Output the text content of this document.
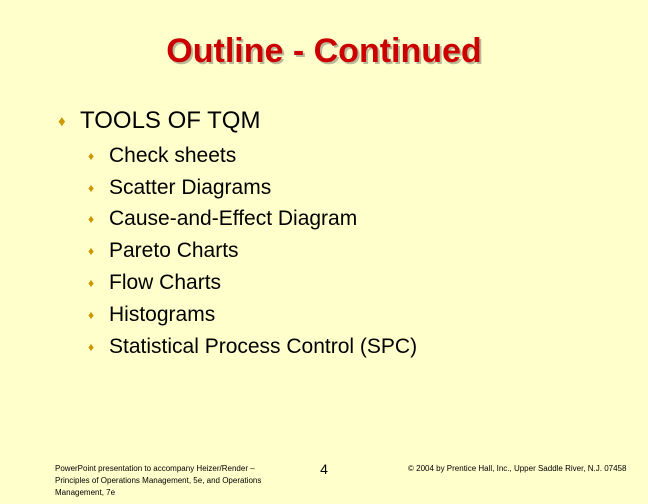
Outline - Continued
♦ TOOLS OF TQM
♦ Check sheets
♦ Scatter Diagrams
♦ Cause-and-Effect Diagram
♦ Pareto Charts
♦ Flow Charts
♦ Histograms
♦ Statistical Process Control (SPC)
PowerPoint presentation to accompany Heizer/Render – Principles of Operations Management, 5e, and Operations Management, 7e
4	© 2004 by Prentice Hall, Inc., Upper Saddle River, N.J. 07458
